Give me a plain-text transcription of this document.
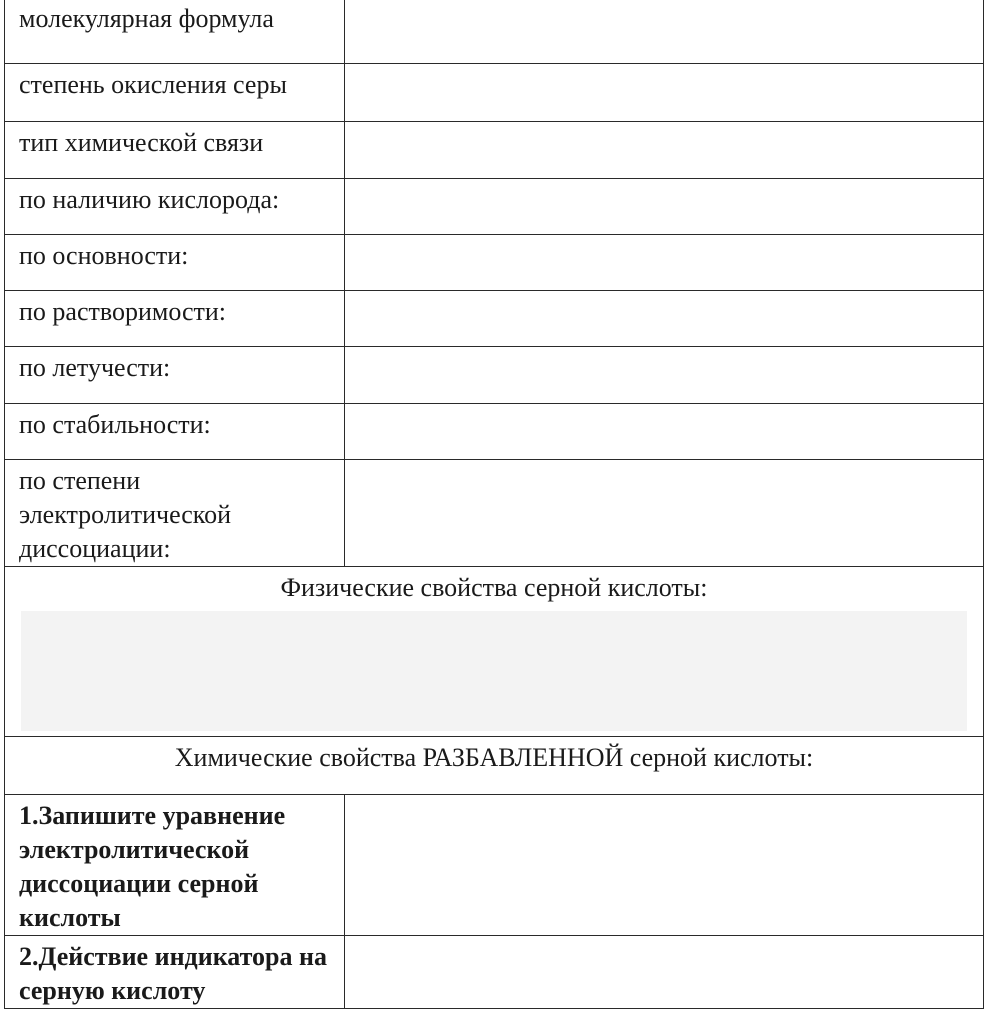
молекулярная формула	

степень окисления серы	

тип химической связи	

по наличию кислорода:	

по основности:	

по растворимости:	

по летучести:	

по стабильности:	

по степени электролитической диссоциации:	

Физические свойства серной кислоты:	

Химические свойства РАЗБАВЛЕННОЙ серной кислоты:	
1.Запишите уравнение электролитической диссоциации серной кислоты	

2.Действие индикатора на серную кислоту	
